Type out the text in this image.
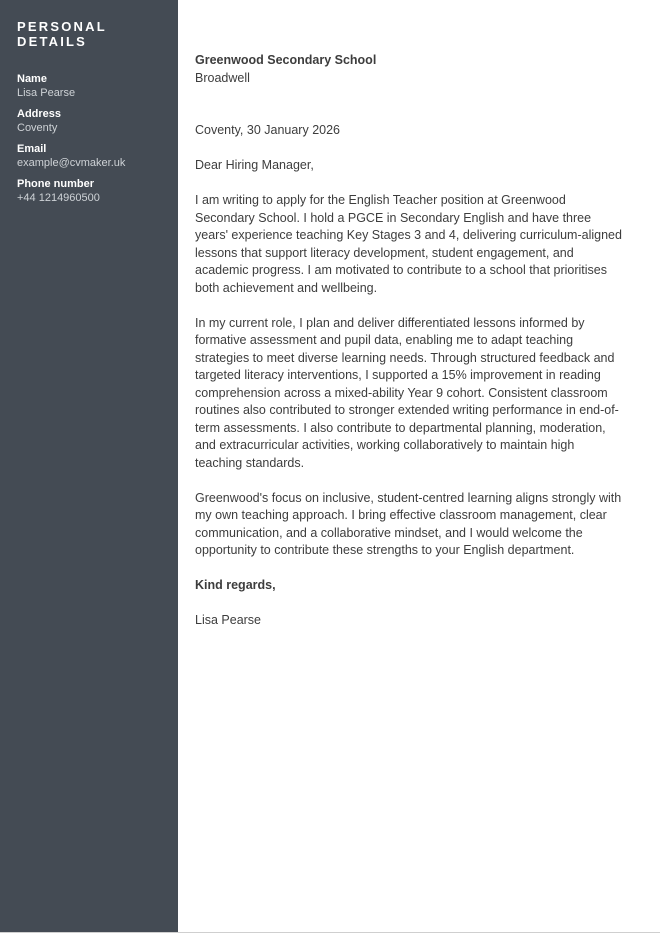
PERSONAL DETAILS

Name

Lisa Pearse

Address

Coventy

Email

example@cvmaker.uk

Phone number

+44 1214960500

Greenwood Secondary School
Broadwell

Coventy, 30 January 2026

Dear Hiring Manager,

I am writing to apply for the English Teacher position at Greenwood Secondary School. I hold a PGCE in Secondary English and have three years' experience teaching Key Stages 3 and 4, delivering curriculum-aligned lessons that support literacy development, student engagement, and academic progress. I am motivated to contribute to a school that prioritises both achievement and wellbeing.

In my current role, I plan and deliver differentiated lessons informed by formative assessment and pupil data, enabling me to adapt teaching strategies to meet diverse learning needs. Through structured feedback and targeted literacy interventions, I supported a 15% improvement in reading comprehension across a mixed-ability Year 9 cohort. Consistent classroom routines also contributed to stronger extended writing performance in end-of-term assessments. I also contribute to departmental planning, moderation, and extracurricular activities, working collaboratively to maintain high teaching standards.

Greenwood's focus on inclusive, student-centred learning aligns strongly with my own teaching approach. I bring effective classroom management, clear communication, and a collaborative mindset, and I would welcome the opportunity to contribute these strengths to your English department.

Kind regards,

Lisa Pearse
